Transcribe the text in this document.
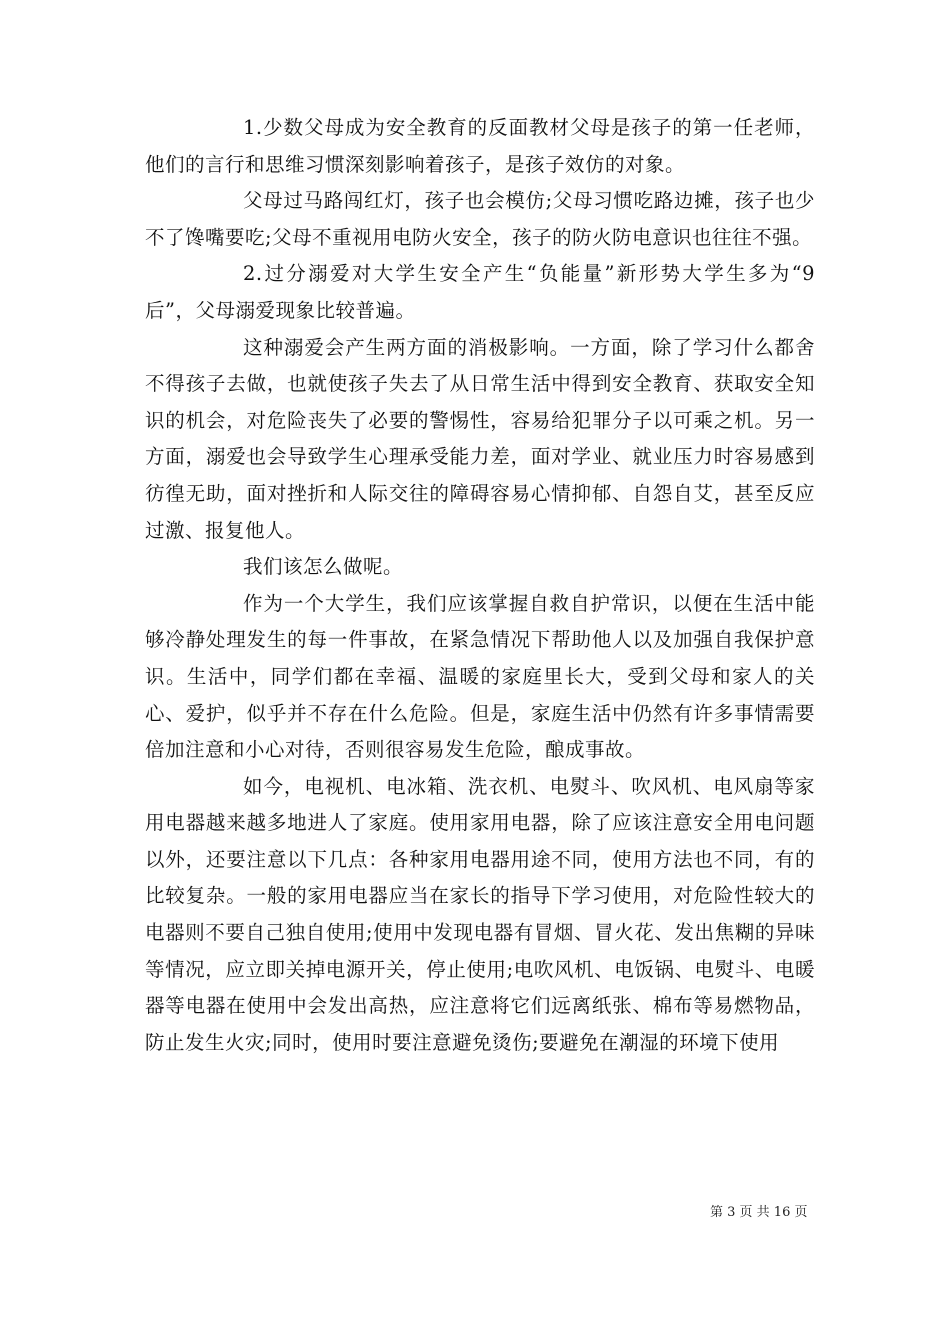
1.少数父母成为安全教育的反面教材父母是孩子的第一任老师，他们的言行和思维习惯深刻影响着孩子，是孩子效仿的对象。

父母过马路闯红灯，孩子也会模仿;父母习惯吃路边摊，孩子也少不了馋嘴要吃;父母不重视用电防火安全，孩子的防火防电意识也往往不强。

2.过分溺爱对大学生安全产生“负能量”新形势大学生多为“9后”，父母溺爱现象比较普遍。

这种溺爱会产生两方面的消极影响。一方面，除了学习什么都舍不得孩子去做，也就使孩子失去了从日常生活中得到安全教育、获取安全知识的机会，对危险丧失了必要的警惕性，容易给犯罪分子以可乘之机。另一方面，溺爱也会导致学生心理承受能力差，面对学业、就业压力时容易感到彷徨无助，面对挫折和人际交往的障碍容易心情抑郁、自怨自艾，甚至反应过激、报复他人。

我们该怎么做呢。

作为一个大学生，我们应该掌握自救自护常识，以便在生活中能够冷静处理发生的每一件事故，在紧急情况下帮助他人以及加强自我保护意识。生活中，同学们都在幸福、温暖的家庭里长大，受到父母和家人的关心、爱护，似乎并不存在什么危险。但是，家庭生活中仍然有许多事情需要倍加注意和小心对待，否则很容易发生危险，酿成事故。

如今，电视机、电冰箱、洗衣机、电熨斗、吹风机、电风扇等家用电器越来越多地进人了家庭。使用家用电器，除了应该注意安全用电问题以外，还要注意以下几点：各种家用电器用途不同，使用方法也不同，有的比较复杂。一般的家用电器应当在家长的指导下学习使用，对危险性较大的电器则不要自己独自使用;使用中发现电器有冒烟、冒火花、发出焦糊的异味等情况，应立即关掉电源开关，停止使用;电吹风机、电饭锅、电熨斗、电暖器等电器在使用中会发出高热，应注意将它们远离纸张、棉布等易燃物品，防止发生火灾;同时，使用时要注意避免烫伤;要避免在潮湿的环境下使用

第 3 页 共 16 页
